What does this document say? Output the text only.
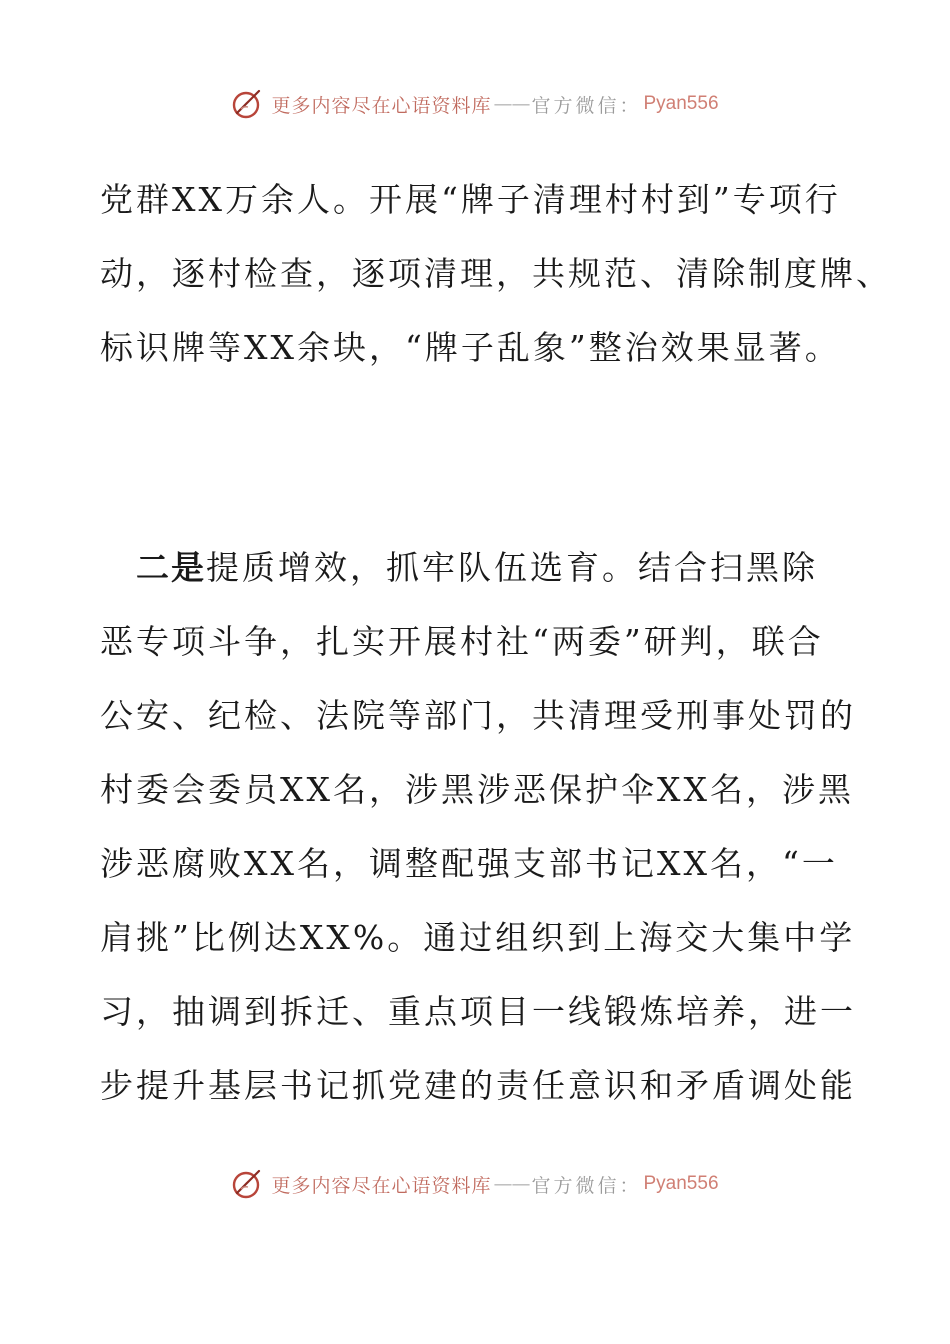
更多内容尽在心语资料库 —— 官方微信： Pyan556
党群XX万余人。开展“牌子清理村村到”专项行
动，逐村检查，逐项清理，共规范、清除制度牌、
标识牌等XX余块，“牌子乱象”整治效果显著。
　二是提质增效，抓牢队伍选育。结合扫黑除
恶专项斗争，扎实开展村社“两委”研判，联合
公安、纪检、法院等部门，共清理受刑事处罚的
村委会委员XX名，涉黑涉恶保护伞XX名，涉黑
涉恶腐败XX名，调整配强支部书记XX名，“一
肩挑”比例达XX%。通过组织到上海交大集中学
习，抽调到拆迁、重点项目一线锻炼培养，进一
步提升基层书记抓党建的责任意识和矛盾调处能
更多内容尽在心语资料库 —— 官方微信： Pyan556
